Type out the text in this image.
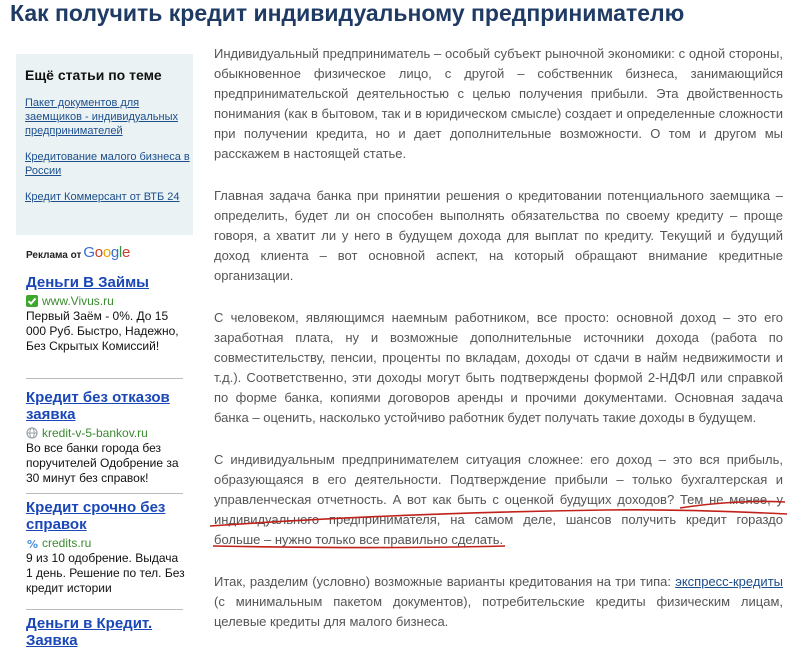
Как получить кредит индивидуальному предпринимателю
Ещё статьи по теме
Пакет документов для заемщиков - индивидуальных предпринимателей
Кредитование малого бизнеса в России
Кредит Коммерсант от ВТБ 24
Реклама от Google
Деньги В Займы
www.Vivus.ru
Первый Заём - 0%. До 15 000 Руб. Быстро, Надежно, Без Скрытых Комиссий!
Кредит без отказов заявка
kredit-v-5-bankov.ru
Во все банки города без поручителей Одобрение за 30 минут без справок!
Кредит срочно без справок
% credits.ru
9 из 10 одобрение. Выдача 1 день. Решение по тел. Без кредит истории
Деньги в Кредит. Заявка

Индивидуальный предприниматель – особый субъект рыночной экономики: с одной стороны, обыкновенное физическое лицо, с другой – собственник бизнеса, занимающийся предпринимательской деятельностью с целью получения прибыли. Эта двойственность понимания (как в бытовом, так и в юридическом смысле) создает и определенные сложности при получении кредита, но и дает дополнительные возможности. О том и другом мы расскажем в настоящей статье.

Главная задача банка при принятии решения о кредитовании потенциального заемщика – определить, будет ли он способен выполнять обязательства по своему кредиту – проще говоря, а хватит ли у него в будущем дохода для выплат по кредиту. Текущий и будущий доход клиента – вот основной аспект, на который обращают внимание кредитные организации.

С человеком, являющимся наемным работником, все просто: основной доход – это его заработная плата, ну и возможные дополнительные источники дохода (работа по совместительству, пенсии, проценты по вкладам, доходы от сдачи в найм недвижимости и т.д.). Соответственно, эти доходы могут быть подтверждены формой 2-НДФЛ или справкой по форме банка, копиями договоров аренды и прочими документами. Основная задача банка – оценить, насколько устойчиво работник будет получать такие доходы в будущем.

С индивидуальным предпринимателем ситуация сложнее: его доход – это вся прибыль, образующаяся в его деятельности. Подтверждение прибыли – только бухгалтерская и управленческая отчетность. А вот как быть с оценкой будущих доходов? Тем не менее, у индивидуального предпринимателя, на самом деле, шансов получить кредит гораздо больше – нужно только все правильно сделать.

Итак, разделим (условно) возможные варианты кредитования на три типа: экспресс-кредиты (с минимальным пакетом документов), потребительские кредиты физическим лицам, целевые кредиты для малого бизнеса.
